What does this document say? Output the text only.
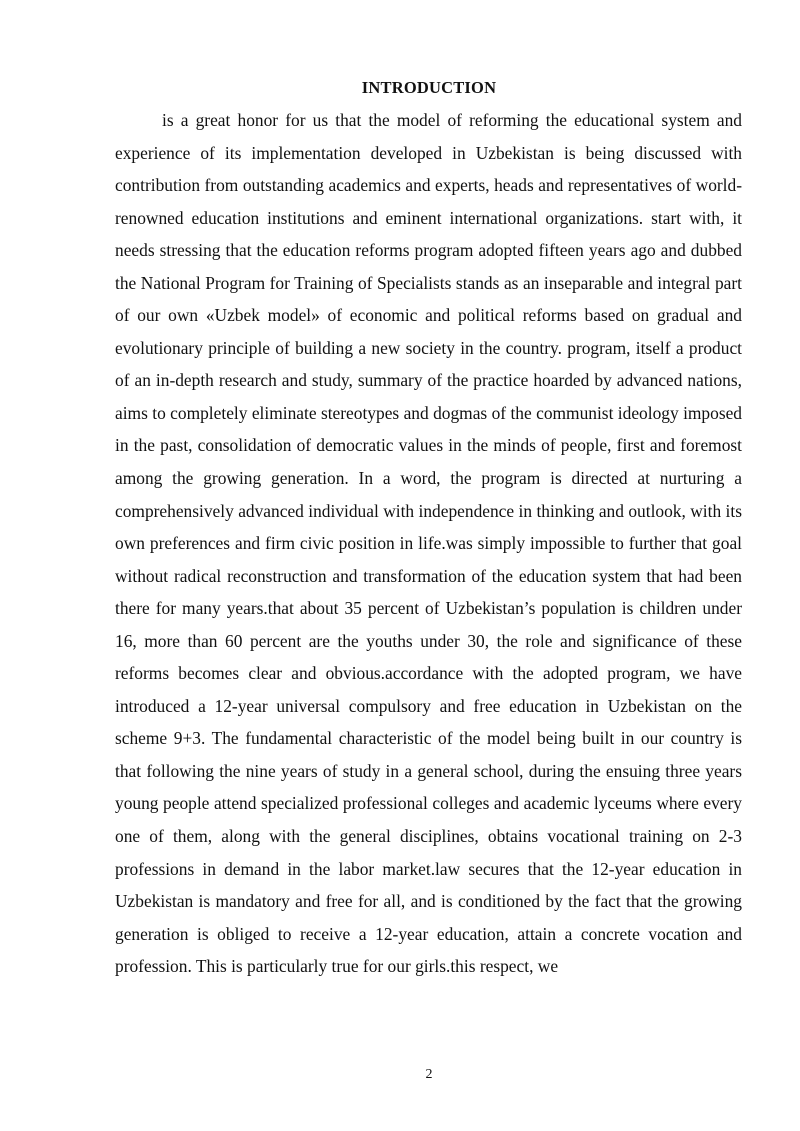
INTRODUCTION

is a great honor for us that the model of reforming the educational system and experience of its implementation developed in Uzbekistan is being discussed with contribution from outstanding academics and experts, heads and representatives of world-renowned education institutions and eminent international organizations. start with, it needs stressing that the education reforms program adopted fifteen years ago and dubbed the National Program for Training of Specialists stands as an inseparable and integral part of our own «Uzbek model» of economic and political reforms based on gradual and evolutionary principle of building a new society in the country. program, itself a product of an in-depth research and study, summary of the practice hoarded by advanced nations, aims to completely eliminate stereotypes and dogmas of the communist ideology imposed in the past, consolidation of democratic values in the minds of people, first and foremost among the growing generation. In a word, the program is directed at nurturing a comprehensively advanced individual with independence in thinking and outlook, with its own preferences and firm civic position in life.was simply impossible to further that goal without radical reconstruction and transformation of the education system that had been there for many years.that about 35 percent of Uzbekistan’s population is children under 16, more than 60 percent are the youths under 30, the role and significance of these reforms becomes clear and obvious.accordance with the adopted program, we have introduced a 12-year universal compulsory and free education in Uzbekistan on the scheme 9+3. The fundamental characteristic of the model being built in our country is that following the nine years of study in a general school, during the ensuing three years young people attend specialized professional colleges and academic lyceums where every one of them, along with the general disciplines, obtains vocational training on 2-3 professions in demand in the labor market.law secures that the 12-year education in Uzbekistan is mandatory and free for all, and is conditioned by the fact that the growing generation is obliged to receive a 12-year education, attain a concrete vocation and profession. This is particularly true for our girls.this respect, we

2
